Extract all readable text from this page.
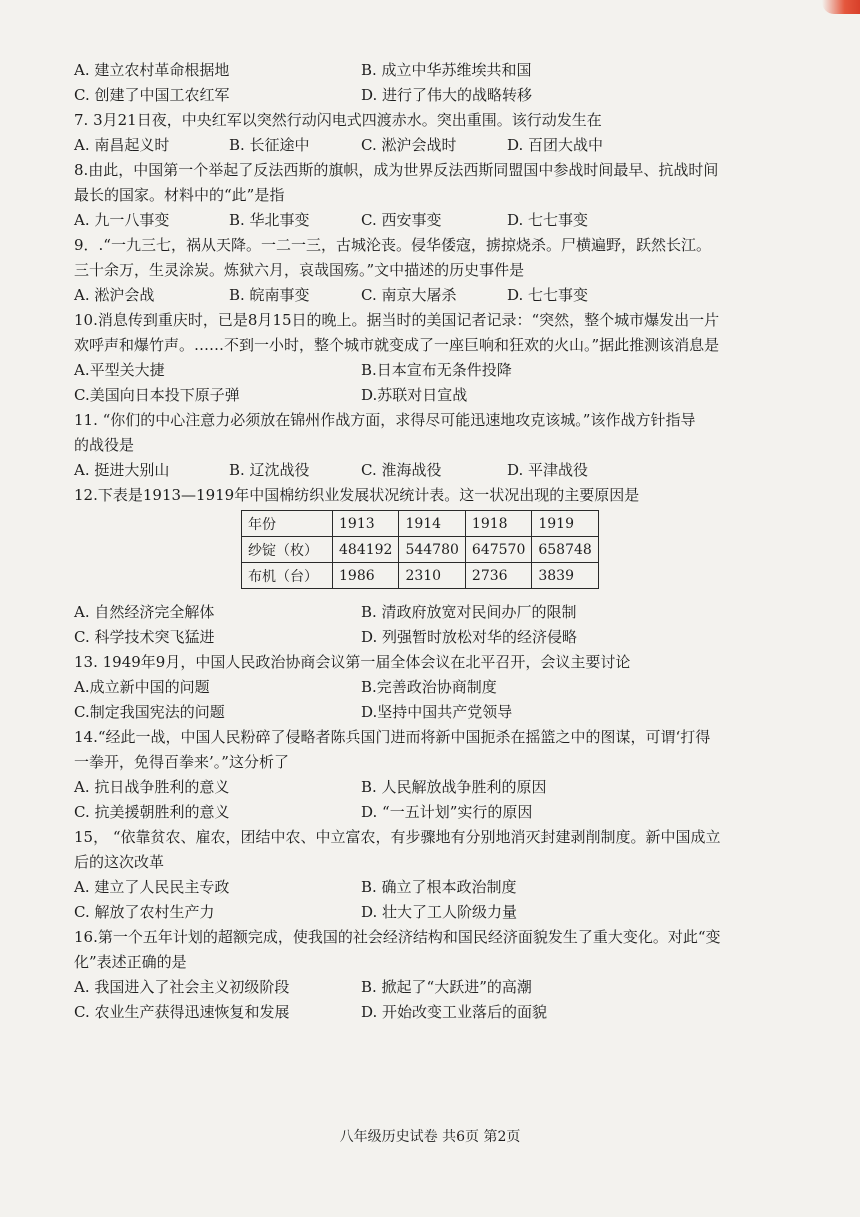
A. 建立农村革命根据地	B. 成立中华苏维埃共和国
C. 创建了中国工农红军	D. 进行了伟大的战略转移
7. 3月21日夜，中央红军以突然行动闪电式四渡赤水。突出重围。该行动发生在
A. 南昌起义时	B. 长征途中	C. 淞沪会战时	D. 百团大战中
8.由此，中国第一个举起了反法西斯的旗帜，成为世界反法西斯同盟国中参战时间最早、抗战时间
最长的国家。材料中的“此”是指
A. 九一八事变	B. 华北事变	C. 西安事变	D. 七七事变
9．.“一九三七，祸从天降。一二一三，古城沦丧。侵华倭寇，掳掠烧杀。尸横遍野，跃然长江。
三十余万，生灵涂炭。炼狱六月，哀哉国殇。”文中描述的历史事件是
A. 淞沪会战	B. 皖南事变	C. 南京大屠杀	D. 七七事变
10.消息传到重庆时，已是8月15日的晚上。据当时的美国记者记录：“突然，整个城市爆发出一片
欢呼声和爆竹声。……不到一小时，整个城市就变成了一座巨响和狂欢的火山。”据此推测该消息是
A.平型关大捷	B.日本宣布无条件投降
C.美国向日本投下原子弹	D.苏联对日宣战
11. “你们的中心注意力必须放在锦州作战方面，求得尽可能迅速地攻克该城。”该作战方针指导
的战役是
A. 挺进大别山	B. 辽沈战役	C. 淮海战役	D. 平津战役
12.下表是1913—1919年中国棉纺织业发展状况统计表。这一状况出现的主要原因是
年份	1913	1914	1918	1919
纱锭（枚）	484192	544780	647570	658748
布机（台）	1986	2310	2736	3839
A. 自然经济完全解体	B. 清政府放宽对民间办厂的限制
C. 科学技术突飞猛进	D. 列强暂时放松对华的经济侵略
13. 1949年9月，中国人民政治协商会议第一届全体会议在北平召开，会议主要讨论
A.成立新中国的问题	B.完善政治协商制度
C.制定我国宪法的问题	D.坚持中国共产党领导
14.“经此一战，中国人民粉碎了侵略者陈兵国门进而将新中国扼杀在摇篮之中的图谋，可谓‘打得
一拳开，免得百拳来’。”这分析了
A. 抗日战争胜利的意义	B. 人民解放战争胜利的原因
C. 抗美援朝胜利的意义	D. “一五计划”实行的原因
15， “依靠贫农、雇农，团结中农、中立富农，有步骤地有分别地消灭封建剥削制度。新中国成立
后的这次改革
A. 建立了人民民主专政	B. 确立了根本政治制度
C. 解放了农村生产力	D. 壮大了工人阶级力量
16.第一个五年计划的超额完成，使我国的社会经济结构和国民经济面貌发生了重大变化。对此“变
化”表述正确的是
A. 我国进入了社会主义初级阶段	B. 掀起了“大跃进”的高潮
C. 农业生产获得迅速恢复和发展	D. 开始改变工业落后的面貌
八年级历史试卷 共6页 第2页
